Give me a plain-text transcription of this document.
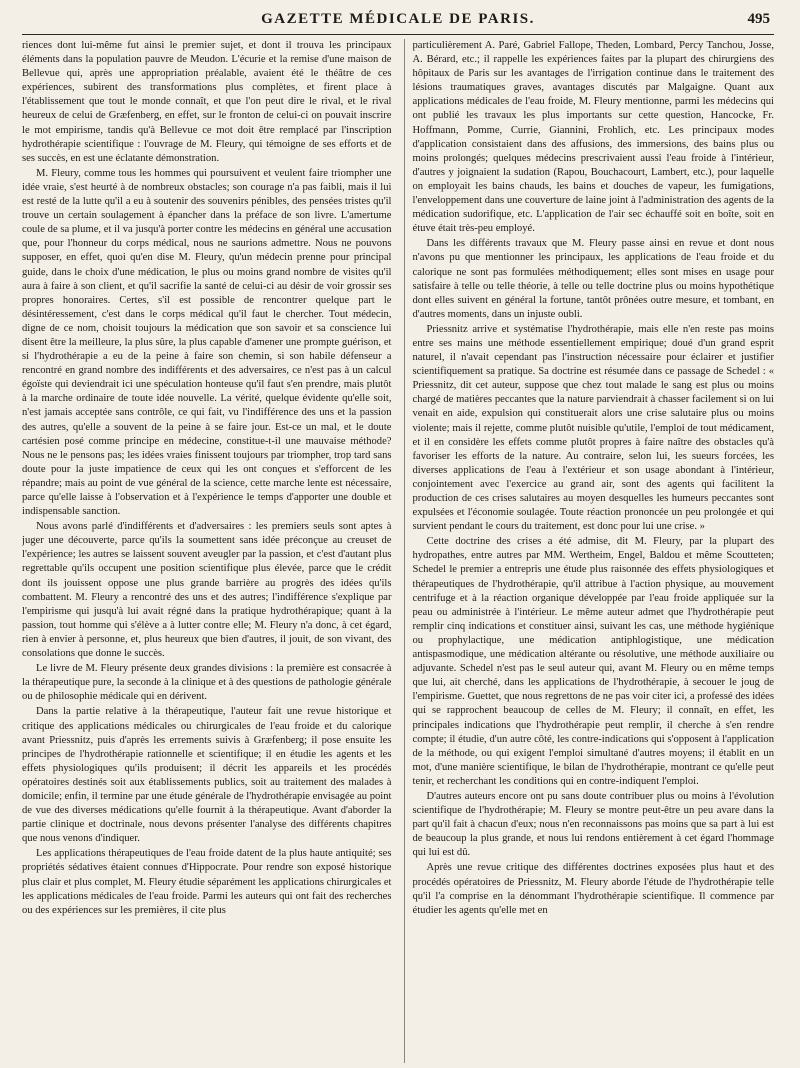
GAZETTE MÉDICALE DE PARIS.	495

riences dont lui-même fut ainsi le premier sujet, et dont il trouva les principaux éléments dans la population pauvre de Meudon. L'écurie et la remise d'une maison de Bellevue qui, après une appropriation préalable, avaient été le théâtre de ces expériences, subirent des transformations plus complètes, et firent place à l'établissement que tout le monde connaît, et que l'on peut dire le rival, et le rival heureux de celui de Græfenberg, en effet, sur le fronton de celui-ci on pouvait inscrire le mot empirisme, tandis qu'à Bellevue ce mot doit être remplacé par l'inscription hydrothérapie scientifique : l'ouvrage de M. Fleury, qui témoigne de ses efforts et de ses succès, en est une éclatante démonstration.

M. Fleury, comme tous les hommes qui poursuivent et veulent faire triompher une idée vraie, s'est heurté à de nombreux obstacles; son courage n'a pas faibli, mais il lui est resté de la lutte qu'il a eu à soutenir des souvenirs pénibles, des pensées tristes qu'il trouve un certain soulagement à épancher dans la préface de son livre. L'amertume coule de sa plume, et il va jusqu'à porter contre les médecins en général une accusation que, pour l'honneur du corps médical, nous ne saurions admettre. Nous ne pouvons supposer, en effet, quoi qu'en dise M. Fleury, qu'un médecin prenne pour principal guide, dans le choix d'une médication, le plus ou moins grand nombre de visites qu'il aura à faire à son client, et qu'il sacrifie la santé de celui-ci au désir de voir grossir ses propres honoraires. Certes, s'il est possible de rencontrer quelque part le désintéressement, c'est dans le corps médical qu'il faut le chercher. Tout médecin, digne de ce nom, choisit toujours la médication que son savoir et sa conscience lui disent être la meilleure, la plus sûre, la plus capable d'amener une prompte guérison, et si l'hydrothérapie a eu de la peine à faire son chemin, si son habile défenseur a rencontré en grand nombre des indifférents et des adversaires, ce n'est pas à un calcul égoïste qui deviendrait ici une spéculation honteuse qu'il faut s'en prendre, mais plutôt à la marche ordinaire de toute idée nouvelle. La vérité, quelque évidente qu'elle soit, n'est jamais acceptée sans contrôle, ce qui fait, vu l'indifférence des uns et la passion des autres, qu'elle a souvent de la peine à se faire jour. Est-ce un mal, et le doute cartésien posé comme principe en médecine, constitue-t-il une mauvaise méthode? Nous ne le pensons pas; les idées vraies finissent toujours par triompher, trop tard sans doute pour la juste impatience de ceux qui les ont conçues et s'efforcent de les répandre; mais au point de vue général de la science, cette marche lente est nécessaire, parce qu'elle laisse à l'observation et à l'expérience le temps d'apporter une double et indispensable sanction.

Nous avons parlé d'indifférents et d'adversaires : les premiers seuls sont aptes à juger une découverte, parce qu'ils la soumettent sans idée préconçue au creuset de l'expérience; les autres se laissent souvent aveugler par la passion, et c'est d'autant plus regrettable qu'ils occupent une position scientifique plus élevée, parce que le crédit dont ils jouissent oppose une plus grande barrière au progrès des idées qu'ils combattent. M. Fleury a rencontré des uns et des autres; l'indifférence s'explique par l'empirisme qui jusqu'à lui avait régné dans la pratique hydrothérapique; quant à la passion, tout homme qui s'élève a à lutter contre elle; M. Fleury n'a donc, à cet égard, rien à envier à personne, et, plus heureux que bien d'autres, il jouit, de son vivant, des consolations que donne le succès.

Le livre de M. Fleury présente deux grandes divisions : la première est consacrée à la thérapeutique pure, la seconde à la clinique et à des questions de pathologie générale ou de philosophie médicale qui en dérivent.

Dans la partie relative à la thérapeutique, l'auteur fait une revue historique et critique des applications médicales ou chirurgicales de l'eau froide et du calorique avant Priessnitz, puis d'après les errements suivis à Græfenberg; il pose ensuite les principes de l'hydrothérapie rationnelle et scientifique; il en étudie les agents et les effets physiologiques qu'ils produisent; il décrit les appareils et les procédés opératoires destinés soit aux établissements publics, soit au traitement des malades à domicile; enfin, il termine par une étude générale de l'hydrothérapie envisagée au point de vue des diverses médications qu'elle fournit à la thérapeutique. Avant d'aborder la partie clinique et doctrinale, nous devons présenter l'analyse des différents chapitres que nous venons d'indiquer.

Les applications thérapeutiques de l'eau froide datent de la plus haute antiquité; ses propriétés sédatives étaient connues d'Hippocrate. Pour rendre son exposé historique plus clair et plus complet, M. Fleury étudie séparément les applications chirurgicales et les applications médicales de l'eau froide. Parmi les auteurs qui ont fait des recherches ou des expériences sur les premières, il cite plus

particulièrement A. Paré, Gabriel Fallope, Theden, Lombard, Percy Tanchou, Josse, A. Bérard, etc.; il rappelle les expériences faites par la plupart des chirurgiens des hôpitaux de Paris sur les avantages de l'irrigation continue dans le traitement des lésions traumatiques graves, avantages discutés par Malgaigne. Quant aux applications médicales de l'eau froide, M. Fleury mentionne, parmi les médecins qui ont publié les travaux les plus importants sur cette question, Hancocke, Fr. Hoffmann, Pomme, Currie, Giannini, Frohlich, etc. Les principaux modes d'application consistaient dans des affusions, des immersions, des bains plus ou moins prolongés; quelques médecins prescrivaient aussi l'eau froide à l'intérieur, d'autres y joignaient la sudation (Rapou, Bouchacourt, Lambert, etc.), pour laquelle on employait les bains chauds, les bains et douches de vapeur, les fumigations, l'enveloppement dans une couverture de laine joint à l'administration des agents de la médication sudorifique, etc. L'application de l'air sec échauffé soit en boîte, soit en étuve était très-peu employé.

Dans les différents travaux que M. Fleury passe ainsi en revue et dont nous n'avons pu que mentionner les principaux, les applications de l'eau froide et du calorique ne sont pas formulées méthodiquement; elles sont mises en usage pour satisfaire à telle ou telle théorie, à telle ou telle doctrine plus ou moins hypothétique dont elles suivent en général la fortune, tantôt prônées outre mesure, et tombant, en d'autres moments, dans un injuste oubli.

Priessnitz arrive et systématise l'hydrothérapie, mais elle n'en reste pas moins entre ses mains une méthode essentiellement empirique; doué d'un grand esprit naturel, il n'avait cependant pas l'instruction nécessaire pour éclairer et justifier scientifiquement sa pratique. Sa doctrine est résumée dans ce passage de Schedel : « Priessnitz, dit cet auteur, suppose que chez tout malade le sang est plus ou moins chargé de matières peccantes que la nature parviendrait à chasser facilement si on lui venait en aide, expulsion qui constituerait alors une crise salutaire plus ou moins violente; mais il rejette, comme plutôt nuisible qu'utile, l'emploi de tout médicament, et il en considère les effets comme plutôt propres à faire naître des obstacles qu'à favoriser les efforts de la nature. Au contraire, selon lui, les sueurs forcées, les diverses applications de l'eau à l'extérieur et son usage abondant à l'intérieur, conjointement avec l'exercice au grand air, sont des agents qui facilitent la production de ces crises salutaires au moyen desquelles les humeurs peccantes sont expulsées et l'économie soulagée. Toute réaction prononcée un peu prolongée et qui survient pendant le cours du traitement, est donc pour lui une crise. »

Cette doctrine des crises a été admise, dit M. Fleury, par la plupart des hydropathes, entre autres par MM. Wertheim, Engel, Baldou et même Scoutteten; Schedel le premier a entrepris une étude plus raisonnée des effets physiologiques et thérapeutiques de l'hydrothérapie, qu'il attribue à l'action physique, au mouvement centrifuge et à la réaction organique développée par l'eau froide appliquée sur la peau ou administrée à l'intérieur. Le même auteur admet que l'hydrothérapie peut remplir cinq indications et constituer ainsi, suivant les cas, une méthode hygiénique ou prophylactique, une médication antiphlogistique, une médication antispasmodique, une médication altérante ou résolutive, une méthode auxiliaire ou adjuvante. Schedel n'est pas le seul auteur qui, avant M. Fleury ou en même temps que lui, ait cherché, dans les applications de l'hydrothérapie, à secouer le joug de l'empirisme. Guettet, que nous regrettons de ne pas voir citer ici, a professé des idées qui se rapprochent beaucoup de celles de M. Fleury; il connaît, en effet, les principales indications que l'hydrothérapie peut remplir, il cherche à s'en rendre compte; il étudie, d'un autre côté, les contre-indications qui s'opposent à l'application de la méthode, ou qui exigent l'emploi simultané d'autres moyens; il établit en un mot, d'une manière scientifique, le bilan de l'hydrothérapie, montrant ce qu'elle peut tenir, et recherchant les conditions qui en contre-indiquent l'emploi.

D'autres auteurs encore ont pu sans doute contribuer plus ou moins à l'évolution scientifique de l'hydrothérapie; M. Fleury se montre peut-être un peu avare dans la part qu'il fait à chacun d'eux; nous n'en reconnaissons pas moins que sa part à lui est de beaucoup la plus grande, et nous lui rendons entièrement à cet égard l'hommage qui lui est dû.

Après une revue critique des différentes doctrines exposées plus haut et des procédés opératoires de Priessnitz, M. Fleury aborde l'étude de l'hydrothérapie telle qu'il l'a comprise en la dénommant l'hydrothérapie scientifique. Il commence par étudier les agents qu'elle met en
